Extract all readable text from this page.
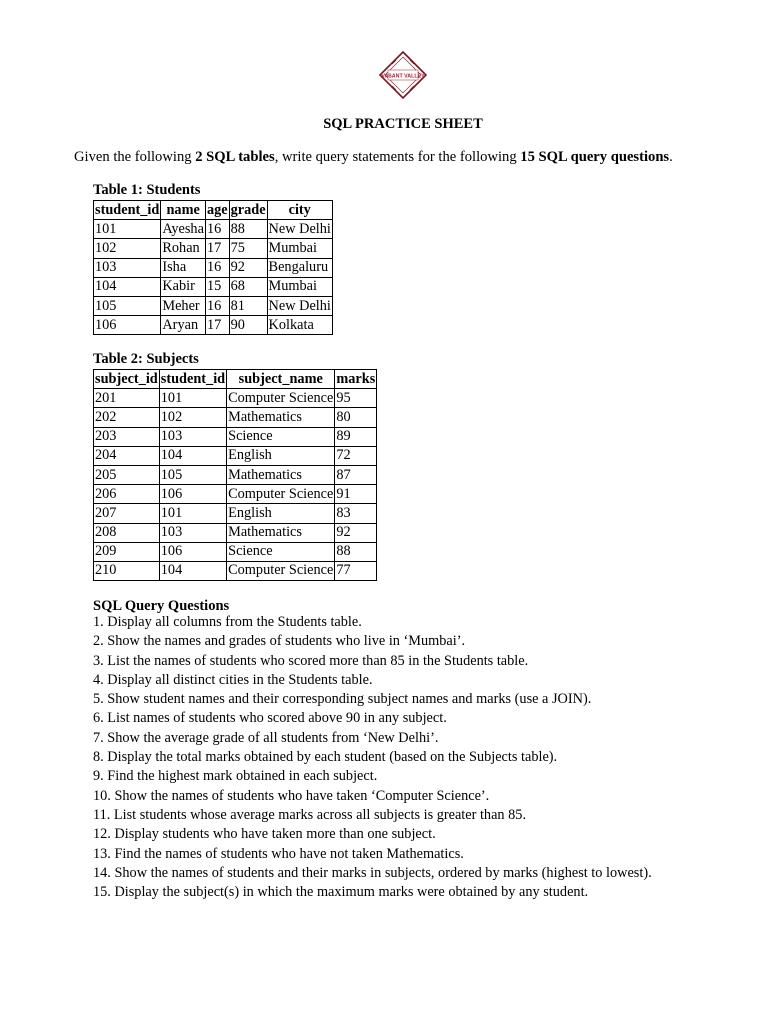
VASANT VALLEY
SQL PRACTICE SHEET

Given the following 2 SQL tables, write query statements for the following 15 SQL query questions.

Table 1: Students

student_id	name	age	grade	city
101	Ayesha	16	88	New Delhi
102	Rohan	17	75	Mumbai
103	Isha	16	92	Bengaluru
104	Kabir	15	68	Mumbai
105	Meher	16	81	New Delhi
106	Aryan	17	90	Kolkata

Table 2: Subjects

subject_id	student_id	subject_name	marks
201	101	Computer Science	95
202	102	Mathematics	80
203	103	Science	89
204	104	English	72
205	105	Mathematics	87
206	106	Computer Science	91
207	101	English	83
208	103	Mathematics	92
209	106	Science	88
210	104	Computer Science	77

SQL Query Questions

1. Display all columns from the Students table.
2. Show the names and grades of students who live in ‘Mumbai’.
3. List the names of students who scored more than 85 in the Students table.
4. Display all distinct cities in the Students table.
5. Show student names and their corresponding subject names and marks (use a JOIN).
6. List names of students who scored above 90 in any subject.
7. Show the average grade of all students from ‘New Delhi’.
8. Display the total marks obtained by each student (based on the Subjects table).
9. Find the highest mark obtained in each subject.
10. Show the names of students who have taken ‘Computer Science’.
11. List students whose average marks across all subjects is greater than 85.
12. Display students who have taken more than one subject.
13. Find the names of students who have not taken Mathematics.
14. Show the names of students and their marks in subjects, ordered by marks (highest to lowest).
15. Display the subject(s) in which the maximum marks were obtained by any student.
